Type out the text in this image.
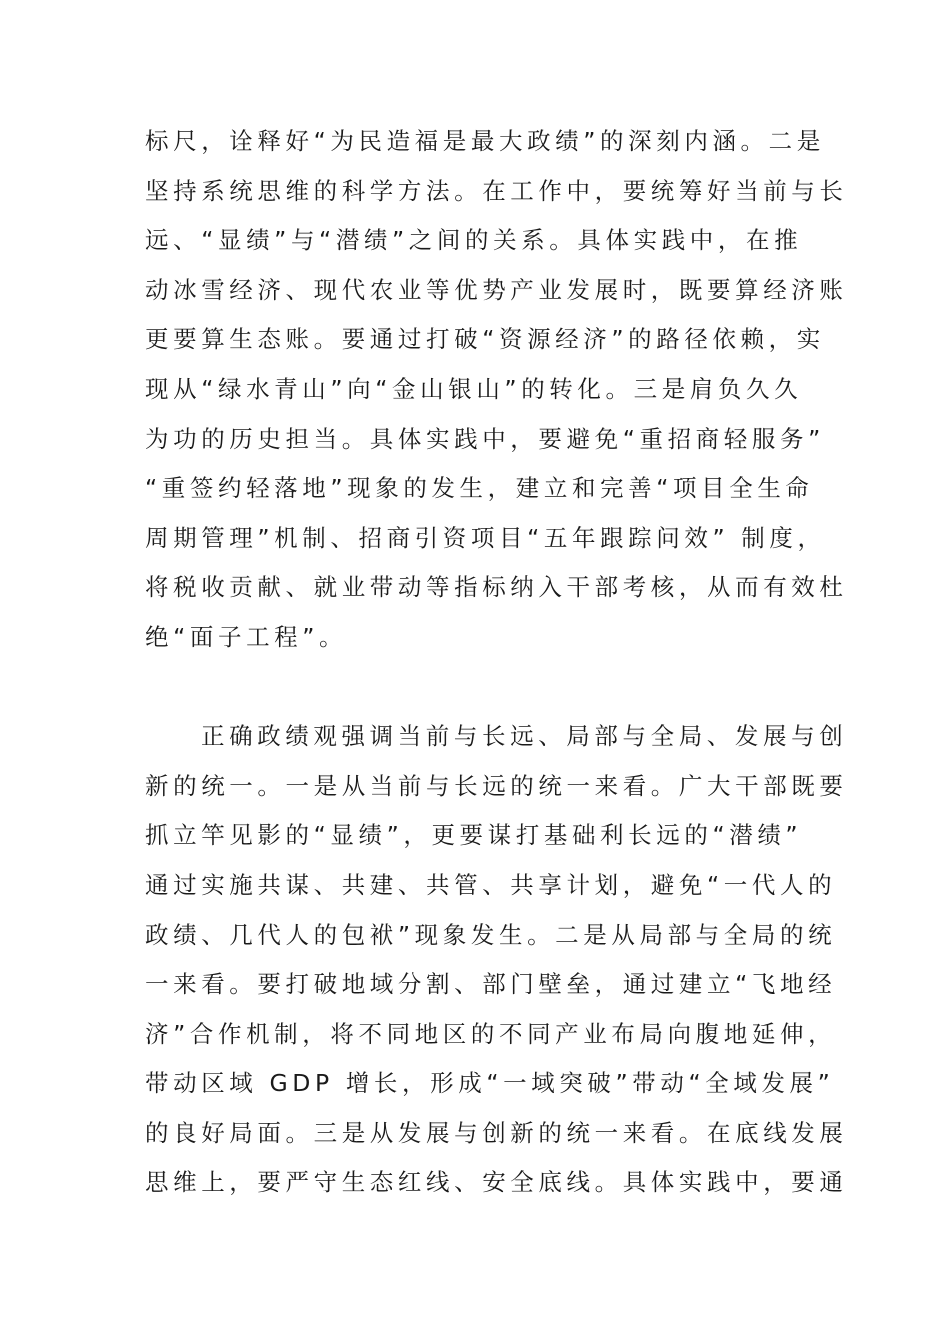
标尺，诠释好“为民造福是最大政绩”的深刻内涵。二是
坚持系统思维的科学方法。在工作中，要统筹好当前与长
远、“显绩”与“潜绩”之间的关系。具体实践中，在推
动冰雪经济、现代农业等优势产业发展时，既要算经济账
更要算生态账。要通过打破“资源经济”的路径依赖，实
现从“绿水青山”向“金山银山”的转化。三是肩负久久
为功的历史担当。具体实践中，要避免“重招商轻服务”
“重签约轻落地”现象的发生，建立和完善“项目全生命
周期管理”机制、招商引资项目“五年跟踪问效” 制度，
将税收贡献、就业带动等指标纳入干部考核，从而有效杜
绝“面子工程”。
正确政绩观强调当前与长远、局部与全局、发展与创
新的统一。一是从当前与长远的统一来看。广大干部既要
抓立竿见影的“显绩”，更要谋打基础利长远的“潜绩”
通过实施共谋、共建、共管、共享计划，避免“一代人的
政绩、几代人的包袱”现象发生。二是从局部与全局的统
一来看。要打破地域分割、部门壁垒，通过建立“飞地经
济”合作机制，将不同地区的不同产业布局向腹地延伸，
带动区域 GDP 增长，形成“一域突破”带动“全域发展”
的良好局面。三是从发展与创新的统一来看。在底线发展
思维上，要严守生态红线、安全底线。具体实践中，要通
